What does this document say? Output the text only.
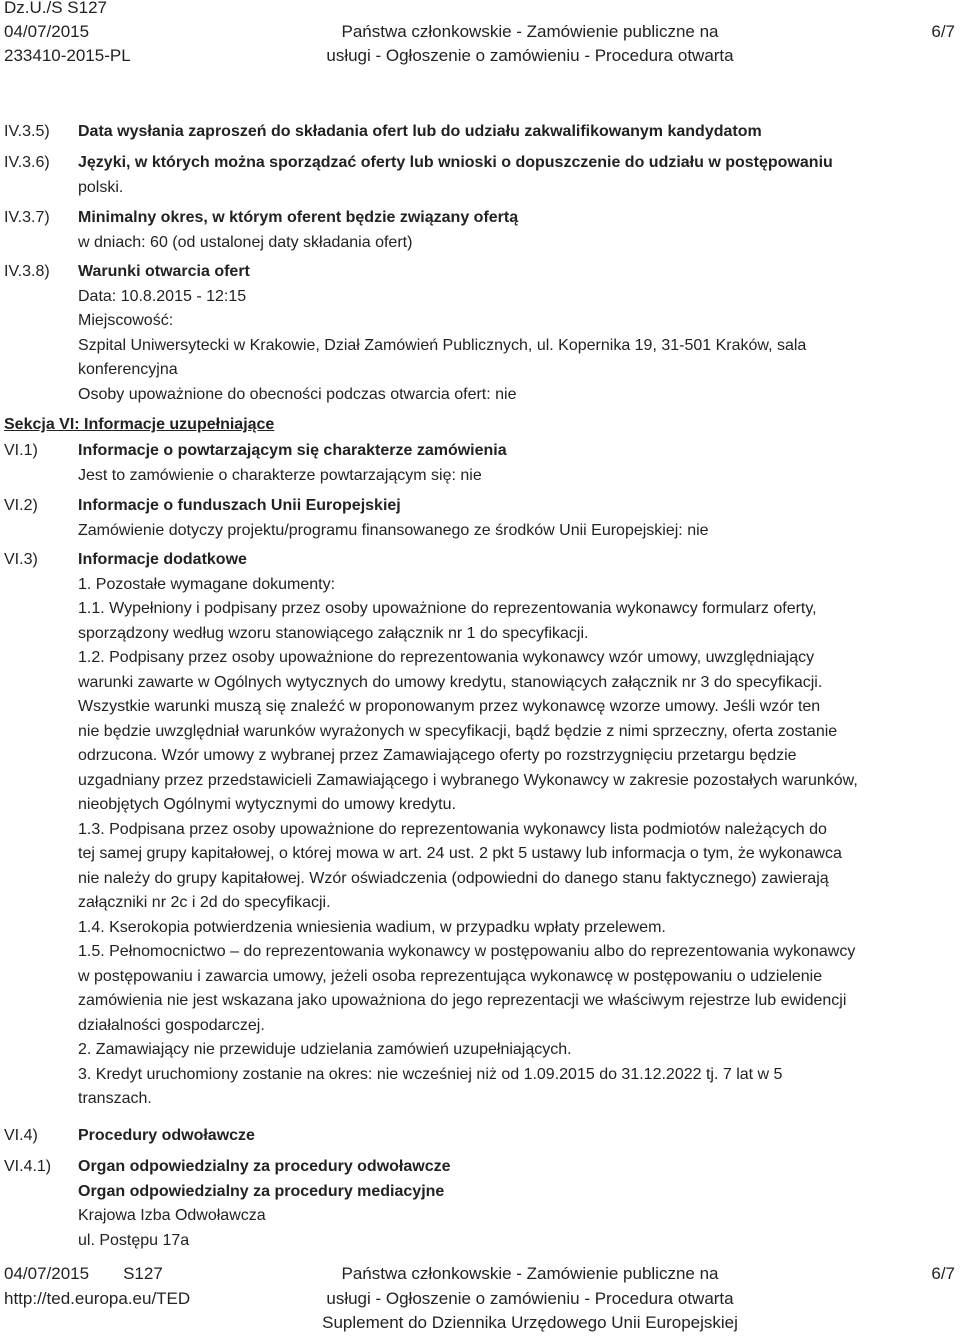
Dz.U./S S127
04/07/2015
233410-2015-PL
Państwa członkowskie - Zamówienie publiczne na
usługi - Ogłoszenie o zamówieniu - Procedura otwarta
6/7
IV.3.5)	Data wysłania zaproszeń do składania ofert lub do udziału zakwalifikowanym kandydatom
IV.3.6)	Języki, w których można sporządzać oferty lub wnioski o dopuszczenie do udziału w postępowaniu
polski.
IV.3.7)	Minimalny okres, w którym oferent będzie związany ofertą
w dniach: 60 (od ustalonej daty składania ofert)
IV.3.8)	Warunki otwarcia ofert
Data: 10.8.2015 - 12:15
Miejscowość:
Szpital Uniwersytecki w Krakowie, Dział Zamówień Publicznych, ul. Kopernika 19, 31-501 Kraków, sala
konferencyjna
Osoby upoważnione do obecności podczas otwarcia ofert: nie
Sekcja VI: Informacje uzupełniające
VI.1)	Informacje o powtarzającym się charakterze zamówienia
Jest to zamówienie o charakterze powtarzającym się: nie
VI.2)	Informacje o funduszach Unii Europejskiej
Zamówienie dotyczy projektu/programu finansowanego ze środków Unii Europejskiej: nie
VI.3)	Informacje dodatkowe
1. Pozostałe wymagane dokumenty:
1.1. Wypełniony i podpisany przez osoby upoważnione do reprezentowania wykonawcy formularz oferty,
sporządzony według wzoru stanowiącego załącznik nr 1 do specyfikacji.
1.2. Podpisany przez osoby upoważnione do reprezentowania wykonawcy wzór umowy, uwzględniający
warunki zawarte w Ogólnych wytycznych do umowy kredytu, stanowiących załącznik nr 3 do specyfikacji.
Wszystkie warunki muszą się znaleźć w proponowanym przez wykonawcę wzorze umowy. Jeśli wzór ten
nie będzie uwzględniał warunków wyrażonych w specyfikacji, bądź będzie z nimi sprzeczny, oferta zostanie
odrzucona. Wzór umowy z wybranej przez Zamawiającego oferty po rozstrzygnięciu przetargu będzie
uzgadniany przez przedstawicieli Zamawiającego i wybranego Wykonawcy w zakresie pozostałych warunków,
nieobjętych Ogólnymi wytycznymi do umowy kredytu.
1.3. Podpisana przez osoby upoważnione do reprezentowania wykonawcy lista podmiotów należących do
tej samej grupy kapitałowej, o której mowa w art. 24 ust. 2 pkt 5 ustawy lub informacja o tym, że wykonawca
nie należy do grupy kapitałowej. Wzór oświadczenia (odpowiedni do danego stanu faktycznego) zawierają
załączniki nr 2c i 2d do specyfikacji.
1.4. Kserokopia potwierdzenia wniesienia wadium, w przypadku wpłaty przelewem.
1.5. Pełnomocnictwo – do reprezentowania wykonawcy w postępowaniu albo do reprezentowania wykonawcy
w postępowaniu i zawarcia umowy, jeżeli osoba reprezentująca wykonawcę w postępowaniu o udzielenie
zamówienia nie jest wskazana jako upoważniona do jego reprezentacji we właściwym rejestrze lub ewidencji
działalności gospodarczej.
2. Zamawiający nie przewiduje udzielania zamówień uzupełniających.
3. Kredyt uruchomiony zostanie na okres: nie wcześniej niż od 1.09.2015 do 31.12.2022 tj. 7 lat w 5
transzach.
VI.4)	Procedury odwoławcze
VI.4.1)	Organ odpowiedzialny za procedury odwoławcze
Organ odpowiedzialny za procedury mediacyjne
Krajowa Izba Odwoławcza
ul. Postępu 17a
04/07/2015 S127
http://ted.europa.eu/TED
Państwa członkowskie - Zamówienie publiczne na
usługi - Ogłoszenie o zamówieniu - Procedura otwarta
Suplement do Dziennika Urzędowego Unii Europejskiej
6/7
